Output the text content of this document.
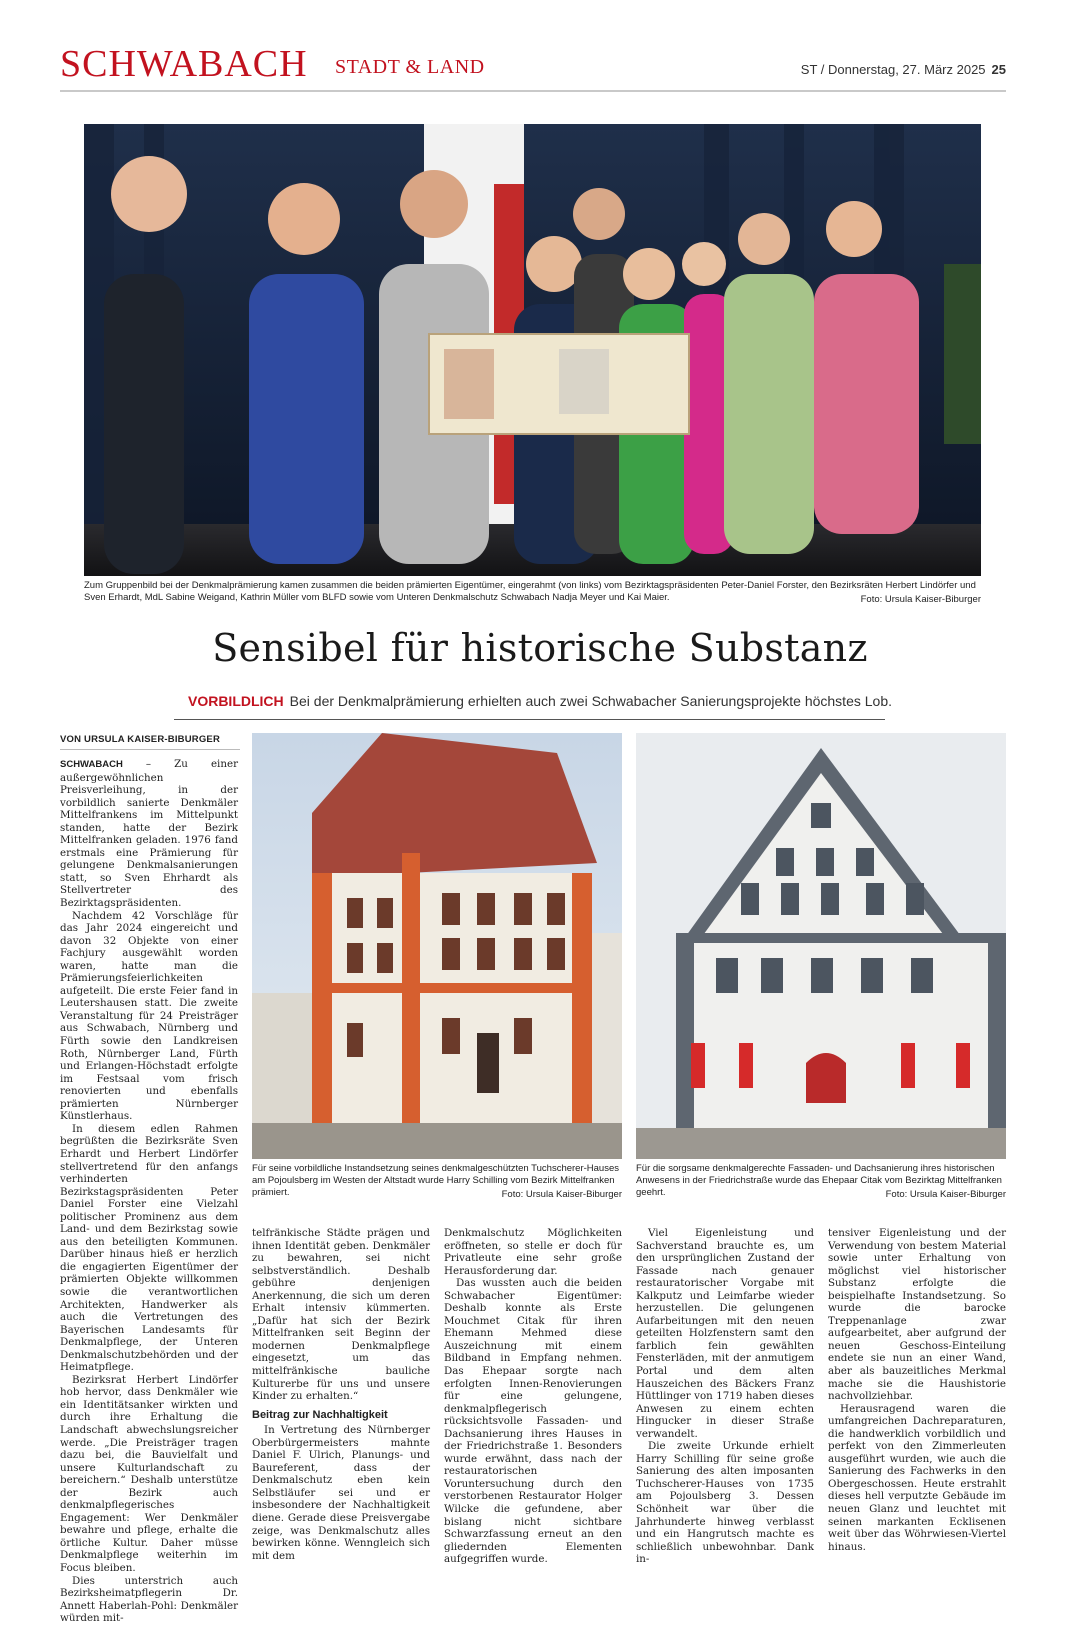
SCHWABACH STADT & LAND	ST / Donnerstag, 27. März 2025 25
Zum Gruppenbild bei der Denkmalprämierung kamen zusammen die beiden prämierten Eigentümer, eingerahmt (von links) vom Bezirktagspräsidenten Peter-Daniel Forster, den Bezirksräten Herbert Lindörfer und Sven Erhardt, MdL Sabine Weigand, Kathrin Müller vom BLFD sowie vom Unteren Denkmalschutz Schwabach Nadja Meyer und Kai Maier.	Foto: Ursula Kaiser-Biburger
Sensibel für historische Substanz
VORBILDLICH Bei der Denkmalprämierung erhielten auch zwei Schwabacher Sanierungsprojekte höchstes Lob.
VON URSULA KAISER-BIBURGER

SCHWABACH – Zu einer außergewöhnlichen Preisverleihung, in der vorbildlich sanierte Denkmäler Mittelfrankens im Mittelpunkt standen, hatte der Bezirk Mittelfranken geladen. 1976 fand erstmals eine Prämierung für gelungene Denkmalsanierungen statt, so Sven Ehrhardt als Stellvertreter des Bezirktagspräsidenten.

Nachdem 42 Vorschläge für das Jahr 2024 eingereicht und davon 32 Objekte von einer Fachjury ausgewählt worden waren, hatte man die Prämierungsfeierlichkeiten aufgeteilt. Die erste Feier fand in Leutershausen statt. Die zweite Veranstaltung für 24 Preisträger aus Schwabach, Nürnberg und Fürth sowie den Landkreisen Roth, Nürnberger Land, Fürth und Erlangen-Höchstadt erfolgte im Festsaal vom frisch renovierten und ebenfalls prämierten Nürnberger Künstlerhaus.

In diesem edlen Rahmen begrüßten die Bezirksräte Sven Erhardt und Herbert Lindörfer stellvertretend für den anfangs verhinderten Bezirkstagspräsidenten Peter Daniel Forster eine Vielzahl politischer Prominenz aus dem Land- und dem Bezirkstag sowie aus den beteiligten Kommunen. Darüber hinaus hieß er herzlich die engagierten Eigentümer der prämierten Objekte willkommen sowie die verantwortlichen Architekten, Handwerker als auch die Vertretungen des Bayerischen Landesamts für Denkmalpflege, der Unteren Denkmalschutzbehörden und der Heimatpflege.

Bezirksrat Herbert Lindörfer hob hervor, dass Denkmäler wie ein Identitätsanker wirkten und durch ihre Erhaltung die Landschaft abwechslungsreicher werde. „Die Preisträger tragen dazu bei, die Bauvielfalt und unsere Kulturlandschaft zu bereichern.“ Deshalb unterstütze der Bezirk auch denkmalpflegerisches Engagement: Wer Denkmäler bewahre und pflege, erhalte die örtliche Kultur. Daher müsse Denkmalpflege weiterhin im Focus bleiben.

Dies unterstrich auch Bezirksheimatpflegerin Dr. Annett Haberlah-Pohl: Denkmäler würden mit-

Für seine vorbildliche Instandsetzung seines denkmalgeschützten Tuchscherer-Hauses am Pojoulsberg im Westen der Altstadt wurde Harry Schilling vom Bezirk Mittelfranken prämiert.	Foto: Ursula Kaiser-Biburger
Für die sorgsame denkmalgerechte Fassaden- und Dachsanierung ihres historischen Anwesens in der Friedrichstraße wurde das Ehepaar Citak vom Bezirktag Mittelfranken geehrt.	Foto: Ursula Kaiser-Biburger

telfränkische Städte prägen und ihnen Identität geben. Denkmäler zu bewahren, sei nicht selbstverständlich. Deshalb gebühre denjenigen Anerkennung, die sich um deren Erhalt intensiv kümmerten. „Dafür hat sich der Bezirk Mittelfranken seit Beginn der modernen Denkmalpflege eingesetzt, um das mittelfränkische bauliche Kulturerbe für uns und unsere Kinder zu erhalten.“

Beitrag zur Nachhaltigkeit

In Vertretung des Nürnberger Oberbürgermeisters mahnte Daniel F. Ulrich, Planungs- und Baureferent, dass der Denkmalschutz eben kein Selbstläufer sei und er insbesondere der Nachhaltigkeit diene. Gerade diese Preisvergabe zeige, was Denkmalschutz alles bewirken könne. Wenngleich sich mit dem

Denkmalschutz Möglichkeiten eröffneten, so stelle er doch für Privatleute eine sehr große Herausforderung dar.

Das wussten auch die beiden Schwabacher Eigentümer: Deshalb konnte als Erste Mouchmet Citak für ihren Ehemann Mehmed diese Auszeichnung mit einem Bildband in Empfang nehmen. Das Ehepaar sorgte nach erfolgten Innen-Renovierungen für eine gelungene, denkmalpflegerisch rücksichtsvolle Fassaden- und Dachsanierung ihres Hauses in der Friedrichstraße 1. Besonders wurde erwähnt, dass nach der restauratorischen Voruntersuchung durch den verstorbenen Restaurator Holger Wilcke die gefundene, aber bislang nicht sichtbare Schwarzfassung erneut an den gliedernden Elementen aufgegriffen wurde.

Viel Eigenleistung und Sachverstand brauchte es, um den ursprünglichen Zustand der Fassade nach genauer restauratorischer Vorgabe mit Kalkputz und Leimfarbe wieder herzustellen. Die gelungenen Aufarbeitungen mit den neuen geteilten Holzfenstern samt den farblich fein gewählten Fensterläden, mit der anmutigem Portal und dem alten Hauszeichen des Bäckers Franz Hüttlinger von 1719 haben dieses Anwesen zu einem echten Hingucker in dieser Straße verwandelt.

Die zweite Urkunde erhielt Harry Schilling für seine große Sanierung des alten imposanten Tuchscherer-Hauses von 1735 am Pojoulsberg 3. Dessen Schönheit war über die Jahrhunderte hinweg verblasst und ein Hangrutsch machte es schließlich unbewohnbar. Dank in-

tensiver Eigenleistung und der Verwendung von bestem Material sowie unter Erhaltung von möglichst viel historischer Substanz erfolgte die beispielhafte Instandsetzung. So wurde die barocke Treppenanlage zwar aufgearbeitet, aber aufgrund der neuen Geschoss-Einteilung endete sie nun an einer Wand, aber als bauzeitliches Merkmal mache sie die Haushistorie nachvollziehbar.

Herausragend waren die umfangreichen Dachreparaturen, die handwerklich vorbildlich und perfekt von den Zimmerleuten ausgeführt wurden, wie auch die Sanierung des Fachwerks in den Obergeschossen. Heute erstrahlt dieses hell verputzte Gebäude im neuen Glanz und leuchtet mit seinen markanten Ecklisenen weit über das Wöhrwiesen-Viertel hinaus.
